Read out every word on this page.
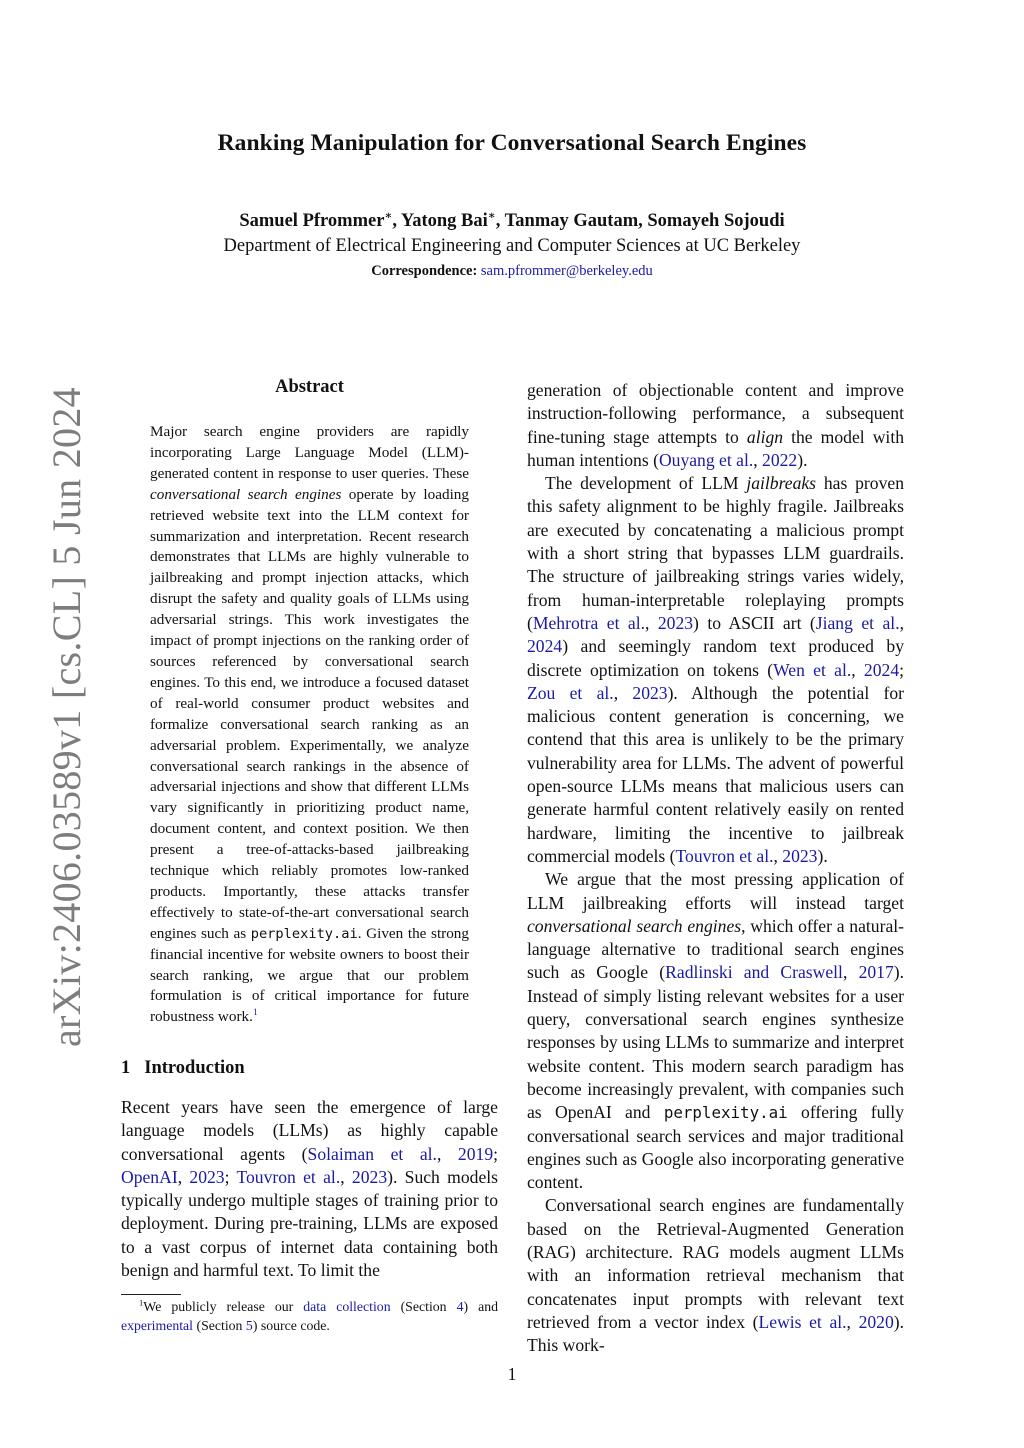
Ranking Manipulation for Conversational Search Engines
Samuel Pfrommer∗, Yatong Bai∗, Tanmay Gautam, Somayeh Sojoudi
Department of Electrical Engineering and Computer Sciences at UC Berkeley
Correspondence: sam.pfrommer@berkeley.edu
arXiv:2406.03589v1 [cs.CL] 5 Jun 2024
Abstract
Major search engine providers are rapidly incorporating Large Language Model (LLM)-generated content in response to user queries. These conversational search engines operate by loading retrieved website text into the LLM context for summarization and interpretation. Recent research demonstrates that LLMs are highly vulnerable to jailbreaking and prompt injection attacks, which disrupt the safety and quality goals of LLMs using adversarial strings. This work investigates the impact of prompt injections on the ranking order of sources referenced by conversational search engines. To this end, we introduce a focused dataset of real-world consumer product websites and formalize conversational search ranking as an adversarial problem. Experimentally, we analyze conversational search rankings in the absence of adversarial injections and show that different LLMs vary significantly in prioritizing product name, document content, and context position. We then present a tree-of-attacks-based jailbreaking technique which reliably promotes low-ranked products. Importantly, these attacks transfer effectively to state-of-the-art conversational search engines such as perplexity.ai. Given the strong financial incentive for website owners to boost their search ranking, we argue that our problem formulation is of critical importance for future robustness work.$^1$
1 Introduction

Recent years have seen the emergence of large language models (LLMs) as highly capable conversational agents (Solaiman et al., 2019; OpenAI, 2023; Touvron et al., 2023). Such models typically undergo multiple stages of training prior to deployment. During pre-training, LLMs are exposed to a vast corpus of internet data containing both benign and harmful text. To limit the

$^1$We publicly release our data collection (Section 4) and experimental (Section 5) source code.

generation of objectionable content and improve instruction-following performance, a subsequent fine-tuning stage attempts to align the model with human intentions (Ouyang et al., 2022).

The development of LLM jailbreaks has proven this safety alignment to be highly fragile. Jailbreaks are executed by concatenating a malicious prompt with a short string that bypasses LLM guardrails. The structure of jailbreaking strings varies widely, from human-interpretable roleplaying prompts (Mehrotra et al., 2023) to ASCII art (Jiang et al., 2024) and seemingly random text produced by discrete optimization on tokens (Wen et al., 2024; Zou et al., 2023). Although the potential for malicious content generation is concerning, we contend that this area is unlikely to be the primary vulnerability area for LLMs. The advent of powerful open-source LLMs means that malicious users can generate harmful content relatively easily on rented hardware, limiting the incentive to jailbreak commercial models (Touvron et al., 2023).

We argue that the most pressing application of LLM jailbreaking efforts will instead target conversational search engines, which offer a natural-language alternative to traditional search engines such as Google (Radlinski and Craswell, 2017). Instead of simply listing relevant websites for a user query, conversational search engines synthesize responses by using LLMs to summarize and interpret website content. This modern search paradigm has become increasingly prevalent, with companies such as OpenAI and perplexity.ai offering fully conversational search services and major traditional engines such as Google also incorporating generative content.

Conversational search engines are fundamentally based on the Retrieval-Augmented Generation (RAG) architecture. RAG models augment LLMs with an information retrieval mechanism that concatenates input prompts with relevant text retrieved from a vector index (Lewis et al., 2020). This work-

1
